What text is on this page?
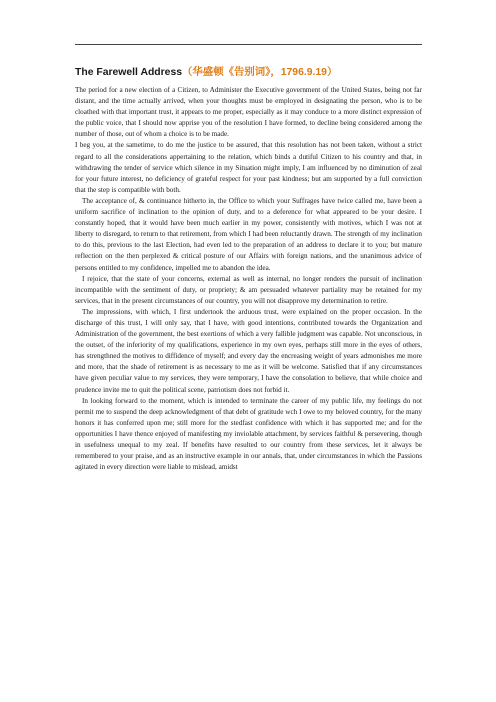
The Farewell Address（华盛顿《告别词》，1796.9.19）

The period for a new election of a Citizen, to Administer the Executive government of the United States, being not far distant, and the time actually arrived, when your thoughts must be employed in designating the person, who is to be cloathed with that important trust, it appears to me proper, especially as it may conduce to a more distinct expression of the public voice, that I should now apprise you of the resolution I have formed, to decline being considered among the number of those, out of whom a choice is to be made.

I beg you, at the sametime, to do me the justice to be assured, that this resolution has not been taken, without a strict regard to all the considerations appertaining to the relation, which binds a dutiful Citizen to his country and that, in withdrawing the tender of service which silence in my Situation might imply, I am influenced by no diminution of zeal for your future interest, no deficiency of grateful respect for your past kindness; but am supported by a full conviction that the step is compatible with both.

The acceptance of, & continuance hitherto in, the Office to which your Suffrages have twice called me, have been a uniform sacrifice of inclination to the opinion of duty, and to a deference for what appeared to be your desire. I constantly hoped, that it would have been much earlier in my power, consistently with motives, which I was not at liberty to disregard, to return to that retirement, from which I had been reluctantly drawn. The strength of my inclination to do this, previous to the last Election, had even led to the preparation of an address to declare it to you; but mature reflection on the then perplexed & critical posture of our Affairs with foreign nations, and the unanimous advice of persons entitled to my confidence, impelled me to abandon the idea.

I rejoice, that the state of your concerns, external as well as internal, no longer renders the pursuit of inclination incompatible with the sentiment of duty, or propriety; & am persuaded whatever partiality may be retained for my services, that in the present circumstances of our country, you will not disapprove my determination to retire.

The impressions, with which, I first undertook the arduous trust, were explained on the proper occasion. In the discharge of this trust, I will only say, that I have, with good intentions, contributed towards the Organization and Administration of the government, the best exertions of which a very fallible judgment was capable. Not unconscious, in the outset, of the inferiority of my qualifications, experience in my own eyes, perhaps still more in the eyes of others, has strengthned the motives to diffidence of myself; and every day the encreasing weight of years admonishes me more and more, that the shade of retirement is as necessary to me as it will be welcome. Satisfied that if any circumstances have given peculiar value to my services, they were temporary, I have the consolation to believe, that while choice and prudence invite me to quit the political scene, patriotism does not forbid it.

In looking forward to the moment, which is intended to terminate the career of my public life, my feelings do not permit me to suspend the deep acknowledgment of that debt of gratitude wch I owe to my beloved country, for the many honors it has conferred upon me; still more for the stedfast confidence with which it has supported me; and for the opportunities I have thence enjoyed of manifesting my inviolable attachment, by services faithful & persevering, though in usefulness unequal to my zeal. If benefits have resulted to our country from these services, let it always be remembered to your praise, and as an instructive example in our annals, that, under circumstances in which the Passions agitated in every direction were liable to mislead, amidst
